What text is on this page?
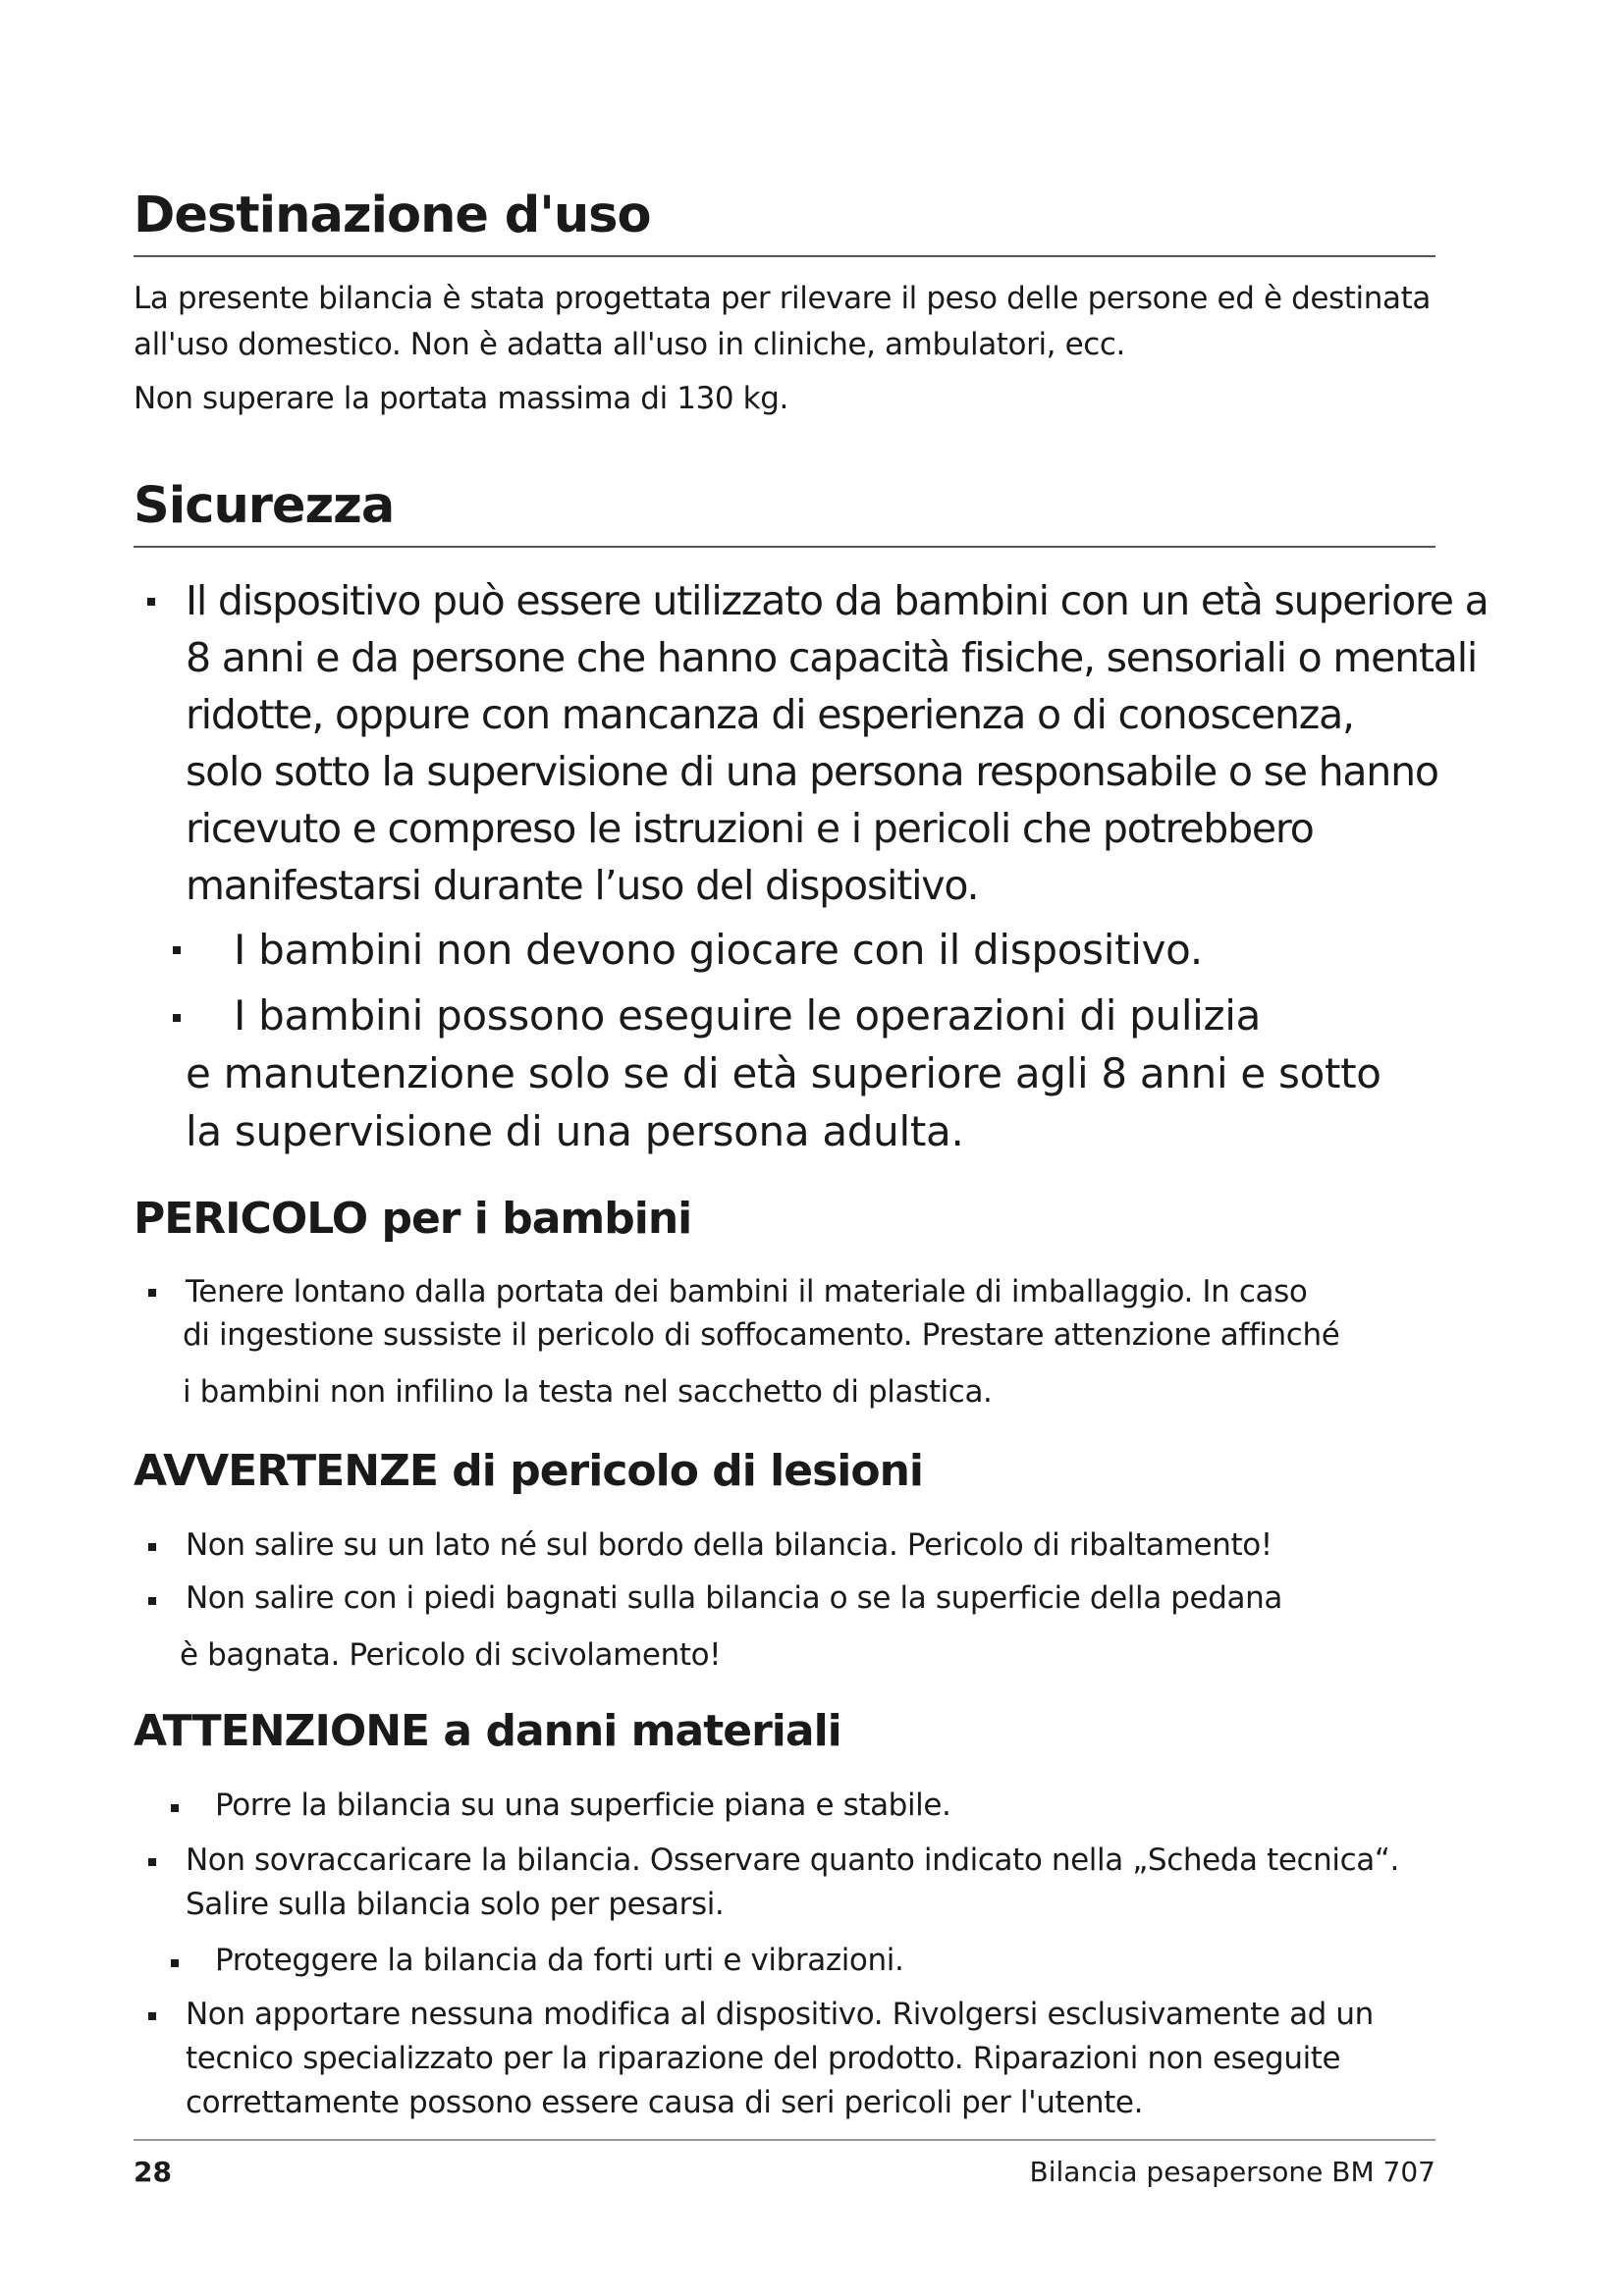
Destinazione d'uso

La presente bilancia è stata progettata per rilevare il peso delle persone ed è destinata

all'uso domestico. Non è adatta all'uso in cliniche, ambulatori, ecc.

Non superare la portata massima di 130 kg.

Sicurezza

Il dispositivo può essere utilizzato da bambini con un età superiore a

8 anni e da persone che hanno capacità fisiche, sensoriali o mentali

ridotte, oppure con mancanza di esperienza o di conoscenza,

solo sotto la supervisione di una persona responsabile o se hanno

ricevuto e compreso le istruzioni e i pericoli che potrebbero

manifestarsi durante l’uso del dispositivo.

I bambini non devono giocare con il dispositivo.

I bambini possono eseguire le operazioni di pulizia

e manutenzione solo se di età superiore agli 8 anni e sotto

la supervisione di una persona adulta.

PERICOLO per i bambini

Tenere lontano dalla portata dei bambini il materiale di imballaggio. In caso

di ingestione sussiste il pericolo di soffocamento. Prestare attenzione affinché

i bambini non infilino la testa nel sacchetto di plastica.

AVVERTENZE di pericolo di lesioni

Non salire su un lato né sul bordo della bilancia. Pericolo di ribaltamento!

Non salire con i piedi bagnati sulla bilancia o se la superficie della pedana

è bagnata. Pericolo di scivolamento!

ATTENZIONE a danni materiali

Porre la bilancia su una superficie piana e stabile.

Non sovraccaricare la bilancia. Osservare quanto indicato nella „Scheda tecnica“.

Salire sulla bilancia solo per pesarsi.

Proteggere la bilancia da forti urti e vibrazioni.

Non apportare nessuna modifica al dispositivo. Rivolgersi esclusivamente ad un

tecnico specializzato per la riparazione del prodotto. Riparazioni non eseguite

correttamente possono essere causa di seri pericoli per l'utente.

28	Bilancia pesapersone BM 707
